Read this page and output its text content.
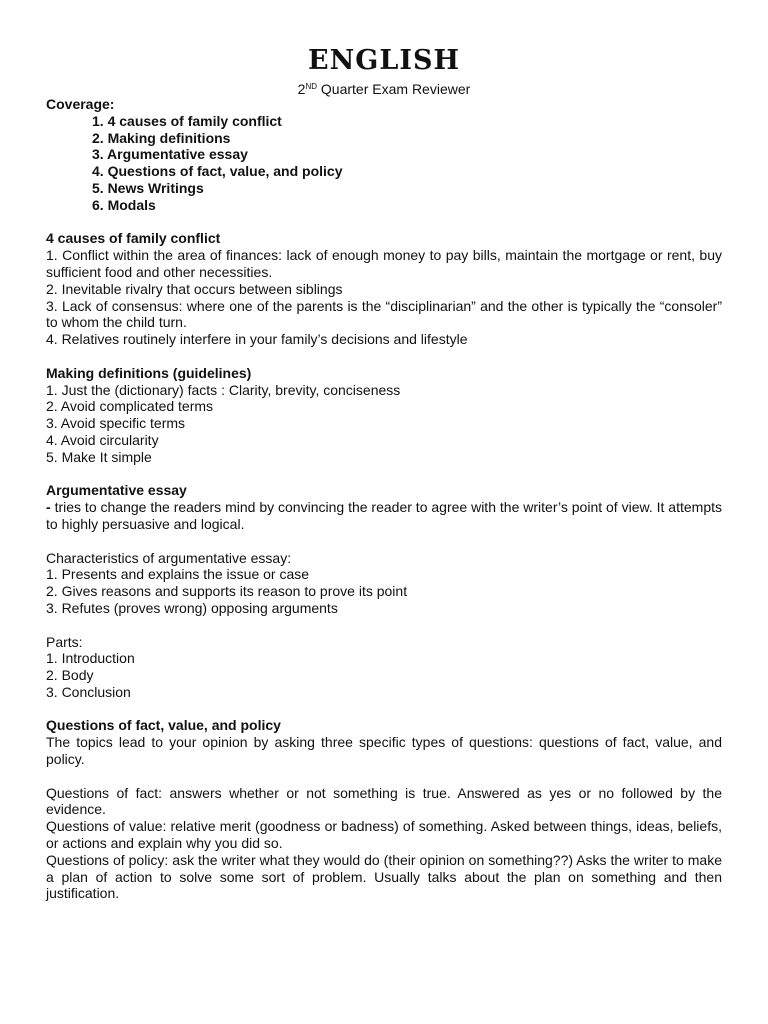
ENGLISH
2ND Quarter Exam Reviewer
Coverage:
1. 4 causes of family conflict
2. Making definitions
3. Argumentative essay
4. Questions of fact, value, and policy
5. News Writings
6. Modals
4 causes of family conflict
1. Conflict within the area of finances: lack of enough money to pay bills, maintain the mortgage or rent, buy sufficient food and other necessities.
2. Inevitable rivalry that occurs between siblings
3. Lack of consensus: where one of the parents is the “disciplinarian” and the other is typically the “consoler” to whom the child turn.
4. Relatives routinely interfere in your family’s decisions and lifestyle
Making definitions (guidelines)
1. Just the (dictionary) facts : Clarity, brevity, conciseness
2. Avoid complicated terms
3. Avoid specific terms
4. Avoid circularity
5. Make It simple
Argumentative essay
- tries to change the readers mind by convincing the reader to agree with the writer’s point of view. It attempts to highly persuasive and logical.
Characteristics of argumentative essay:
1. Presents and explains the issue or case
2. Gives reasons and supports its reason to prove its point
3. Refutes (proves wrong) opposing arguments
Parts:
1. Introduction
2. Body
3. Conclusion
Questions of fact, value, and policy
The topics lead to your opinion by asking three specific types of questions: questions of fact, value, and policy.
Questions of fact: answers whether or not something is true. Answered as yes or no followed by the evidence.
Questions of value: relative merit (goodness or badness) of something. Asked between things, ideas, beliefs, or actions and explain why you did so.
Questions of policy: ask the writer what they would do (their opinion on something??) Asks the writer to make a plan of action to solve some sort of problem. Usually talks about the plan on something and then justification.
